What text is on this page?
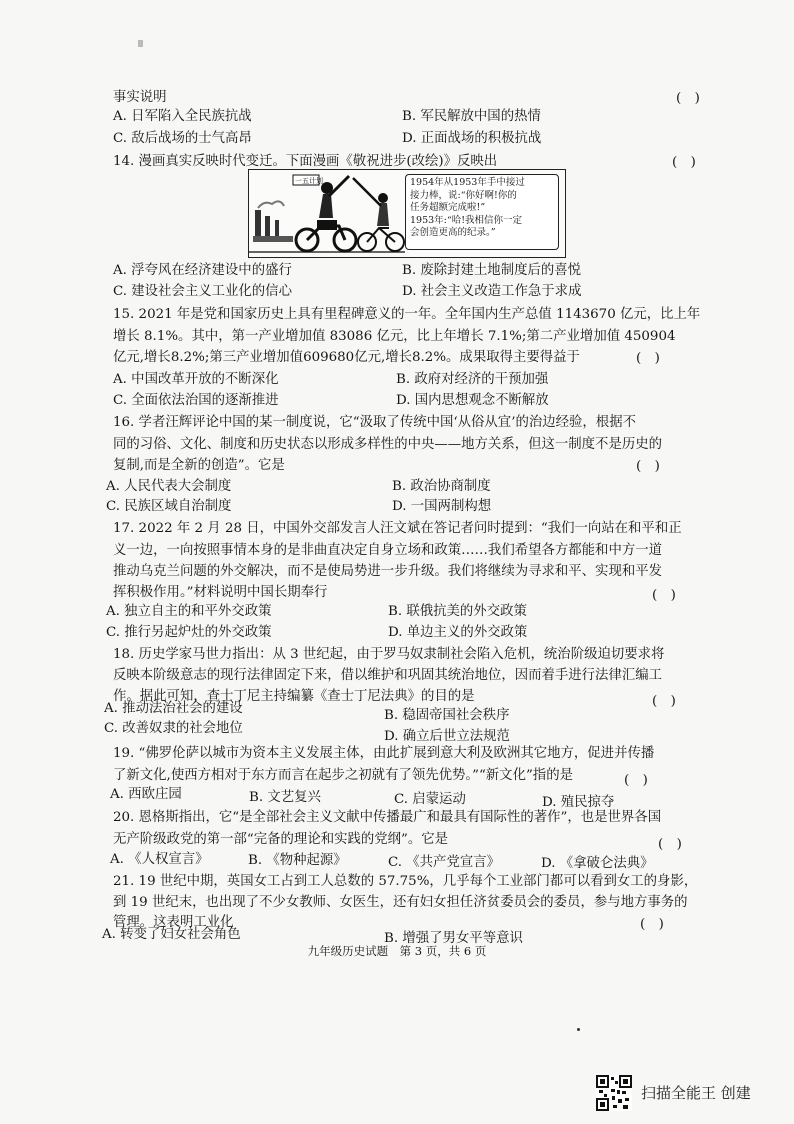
事实说明	(　)
A. 日军陷入全民族抗战	B. 军民解放中国的热情
C. 敌后战场的士气高昂	D. 正面战场的积极抗战
14. 漫画真实反映时代变迁。下面漫画《敬祝进步(改绘)》反映出	(　)
一五计划	1954年从1953年手中接过
接力棒，说:“你好啊!你的
任务超额完成啦!”
1953年:“哈!我相信你一定
会创造更高的纪录。”
A. 浮夸风在经济建设中的盛行	B. 废除封建土地制度后的喜悦
C. 建设社会主义工业化的信心	D. 社会主义改造工作急于求成
15. 2021 年是党和国家历史上具有里程碑意义的一年。全年国内生产总值 1143670 亿元，比上年
增长 8.1%。其中，第一产业增加值 83086 亿元，比上年增长 7.1%;第二产业增加值 450904
亿元,增长8.2%;第三产业增加值609680亿元,增长8.2%。成果取得主要得益于	(　)
A. 中国改革开放的不断深化	B. 政府对经济的干预加强
C. 全面依法治国的逐渐推进	D. 国内思想观念不断解放
16. 学者汪辉评论中国的某一制度说，它“汲取了传统中国‘从俗从宜’的治边经验，根据不
同的习俗、文化、制度和历史状态以形成多样性的中央——地方关系，但这一制度不是历史的
复制,而是全新的创造”。它是	(　)
A. 人民代表大会制度	B. 政治协商制度
C. 民族区域自治制度	D. 一国两制构想
17. 2022 年 2 月 28 日，中国外交部发言人汪文斌在答记者问时提到：“我们一向站在和平和正
义一边，一向按照事情本身的是非曲直决定自身立场和政策……我们希望各方都能和中方一道
推动乌克兰问题的外交解决，而不是使局势进一步升级。我们将继续为寻求和平、实现和平发
挥积极作用。”材料说明中国长期奉行	(　)
A. 独立自主的和平外交政策	B. 联俄抗美的外交政策
C. 推行另起炉灶的外交政策	D. 单边主义的外交政策
18. 历史学家马世力指出：从 3 世纪起，由于罗马奴隶制社会陷入危机，统治阶级迫切要求将
反映本阶级意志的现行法律固定下来，借以维护和巩固其统治地位，因而着手进行法律汇编工
作。据此可知，查士丁尼主持编纂《查士丁尼法典》的目的是	(　)
A. 推动法治社会的建设	B. 稳固帝国社会秩序
C. 改善奴隶的社会地位
D. 确立后世立法规范
19. “佛罗伦萨以城市为资本主义发展主体，由此扩展到意大利及欧洲其它地方，促进并传播
了新文化,使西方相对于东方而言在起步之初就有了领先优势。”“新文化”指的是	(　)
A. 西欧庄园	B. 文艺复兴	C. 启蒙运动	D. 殖民掠夺
20. 恩格斯指出，它“是全部社会主义文献中传播最广和最具有国际性的著作”，也是世界各国
无产阶级政党的第一部“完备的理论和实践的党纲”。它是	(　)
A. 《人权宣言》	B. 《物种起源》	C. 《共产党宣言》	D. 《拿破仑法典》
21. 19 世纪中期，英国女工占到工人总数的 57.75%，几乎每个工业部门都可以看到女工的身影，
到 19 世纪末，也出现了不少女教师、女医生，还有妇女担任济贫委员会的委员，参与地方事务的
管理。这表明工业化	(　)
A. 转变了妇女社会角色	B. 增强了男女平等意识
九年级历史试题　第 3 页，共 6 页
扫描全能王 创建
